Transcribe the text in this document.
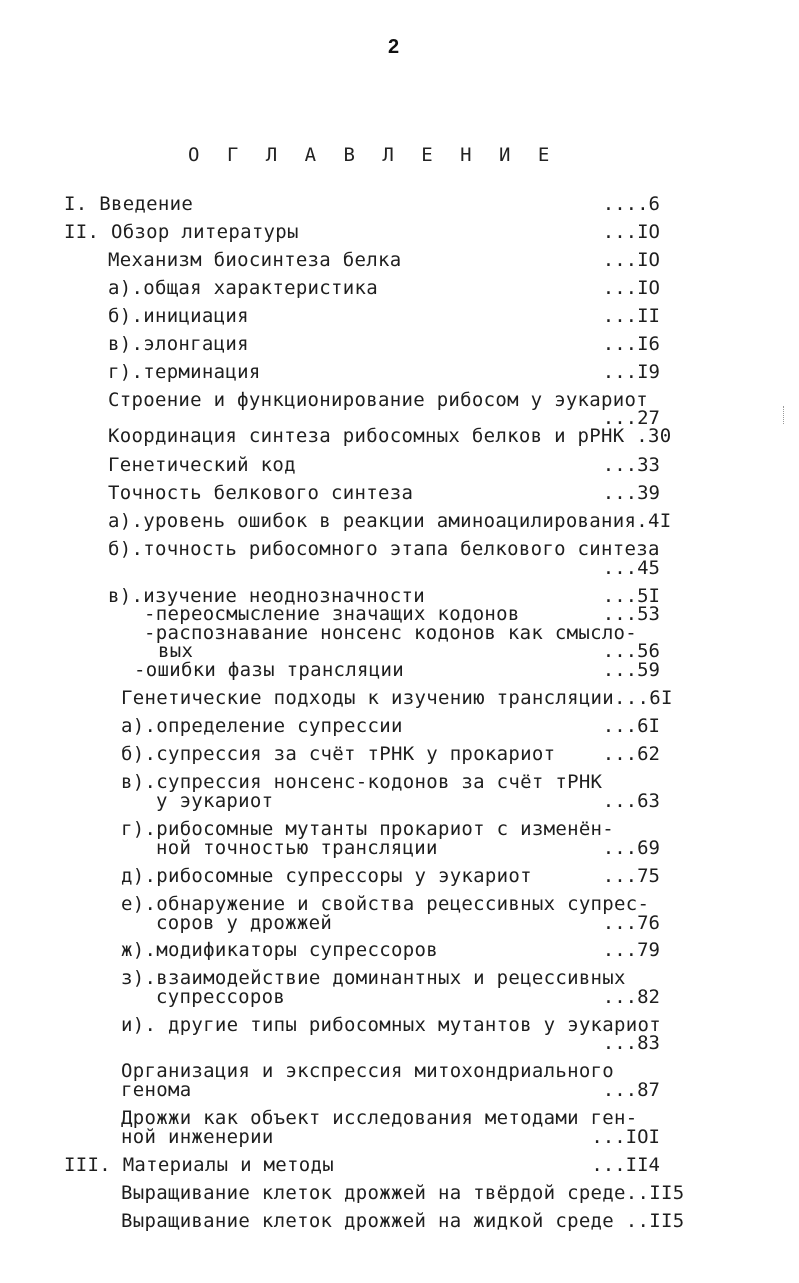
2
О Г Л А В Л Е Н И Е
I. Введение	....6
II. Обзор литературы	...IO
Механизм биосинтеза белка	...IO
а).общая характеристика	...IO
б).инициация	...II
в).элонгация	...I6
г).терминация	...I9
Строение и функционирование рибосом у эукариот
...27
Координация синтеза рибосомных белков и рРНК .30
Генетический код	...33
Точность белкового синтеза	...39
а).уровень ошибок в реакции аминоацилирования.4I
б).точность рибосомного этапа белкового синтеза
...45
в).изучение неоднозначности	...5I
-переосмысление значащих кодонов	...53
-распознавание нонсенс кодонов как смысло-
вых	...56
-ошибки фазы трансляции	...59
Генетические подходы к изучению трансляции...6I
а).определение супрессии	...6I
б).супрессия за счёт тРНК у прокариот ...62
в).супрессия нонсенс-кодонов за счёт тРНК
у эукариот	...63
г).рибосомные мутанты прокариот с изменён-
ной точностью трансляции	...69
д).рибосомные супрессоры у эукариот	...75
е).обнаружение и свойства рецессивных супрес-
соров у дрожжей	...76
ж).модификаторы супрессоров	...79
з).взаимодействие доминантных и рецессивных
супрессоров	...82
и). другие типы рибосомных мутантов у эукариот
...83
Организация и экспрессия митохондриального
генома	...87
Дрожжи как объект исследования методами ген-
ной инженерии	...IOI
III. Материалы и методы	...II4
Выращивание клеток дрожжей на твёрдой среде..II5
Выращивание клеток дрожжей на жидкой среде ..II5
